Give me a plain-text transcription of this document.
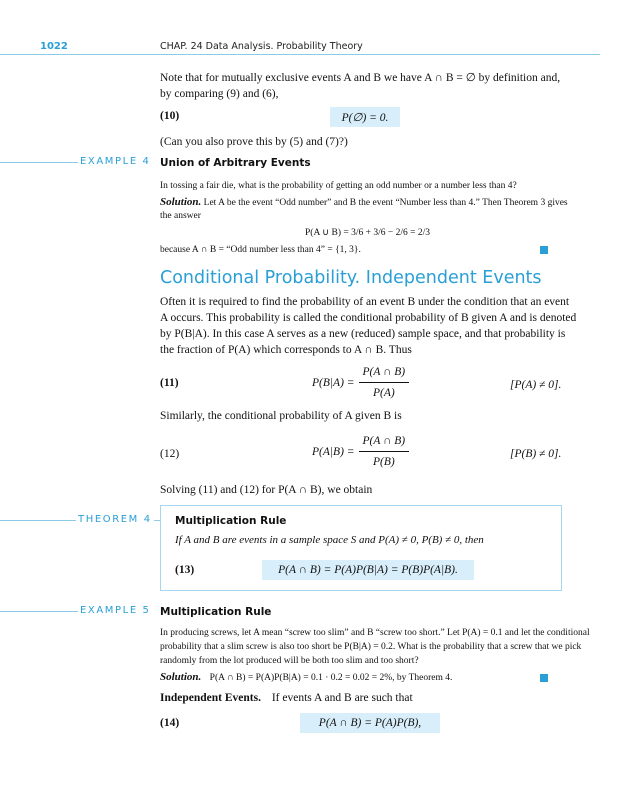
1022	CHAP. 24 Data Analysis. Probability Theory
Note that for mutually exclusive events A and B we have A ∩ B = ∅ by definition and,
by comparing (9) and (6),
(10)	P(∅) = 0.
(Can you also prove this by (5) and (7)?)
EXAMPLE 4 Union of Arbitrary Events
In tossing a fair die, what is the probability of getting an odd number or a number less than 4?
Solution. Let A be the event “Odd number” and B the event “Number less than 4.” Then Theorem 3 gives
the answer
P(A ∪ B) = 3/6 + 3/6 − 2/6 = 2/3
because A ∩ B = “Odd number less than 4” = {1, 3}.
Conditional Probability. Independent Events
Often it is required to find the probability of an event B under the condition that an event
A occurs. This probability is called the conditional probability of B given A and is denoted
by P(B|A). In this case A serves as a new (reduced) sample space, and that probability is
the fraction of P(A) which corresponds to A ∩ B. Thus
(11)	$P(B|A) = \frac{P(A \cap B)}{P(A)}$	[P(A) ≠ 0].
Similarly, the conditional probability of A given B is
(12)	$P(A|B) = \frac{P(A \cap B)}{P(B)}$	[P(B) ≠ 0].
Solving (11) and (12) for P(A ∩ B), we obtain
THEOREM 4 Multiplication Rule
If A and B are events in a sample space S and P(A) ≠ 0, P(B) ≠ 0, then
(13)	P(A ∩ B) = P(A)P(B|A) = P(B)P(A|B).
EXAMPLE 5 Multiplication Rule
In producing screws, let A mean “screw too slim” and B “screw too short.” Let P(A) = 0.1 and let the conditional
probability that a slim screw is also too short be P(B|A) = 0.2. What is the probability that a screw that we pick
randomly from the lot produced will be both too slim and too short?
Solution. P(A ∩ B) = P(A)P(B|A) = 0.1 · 0.2 = 0.02 = 2%, by Theorem 4.
Independent Events. If events A and B are such that
(14)	P(A ∩ B) = P(A)P(B),
